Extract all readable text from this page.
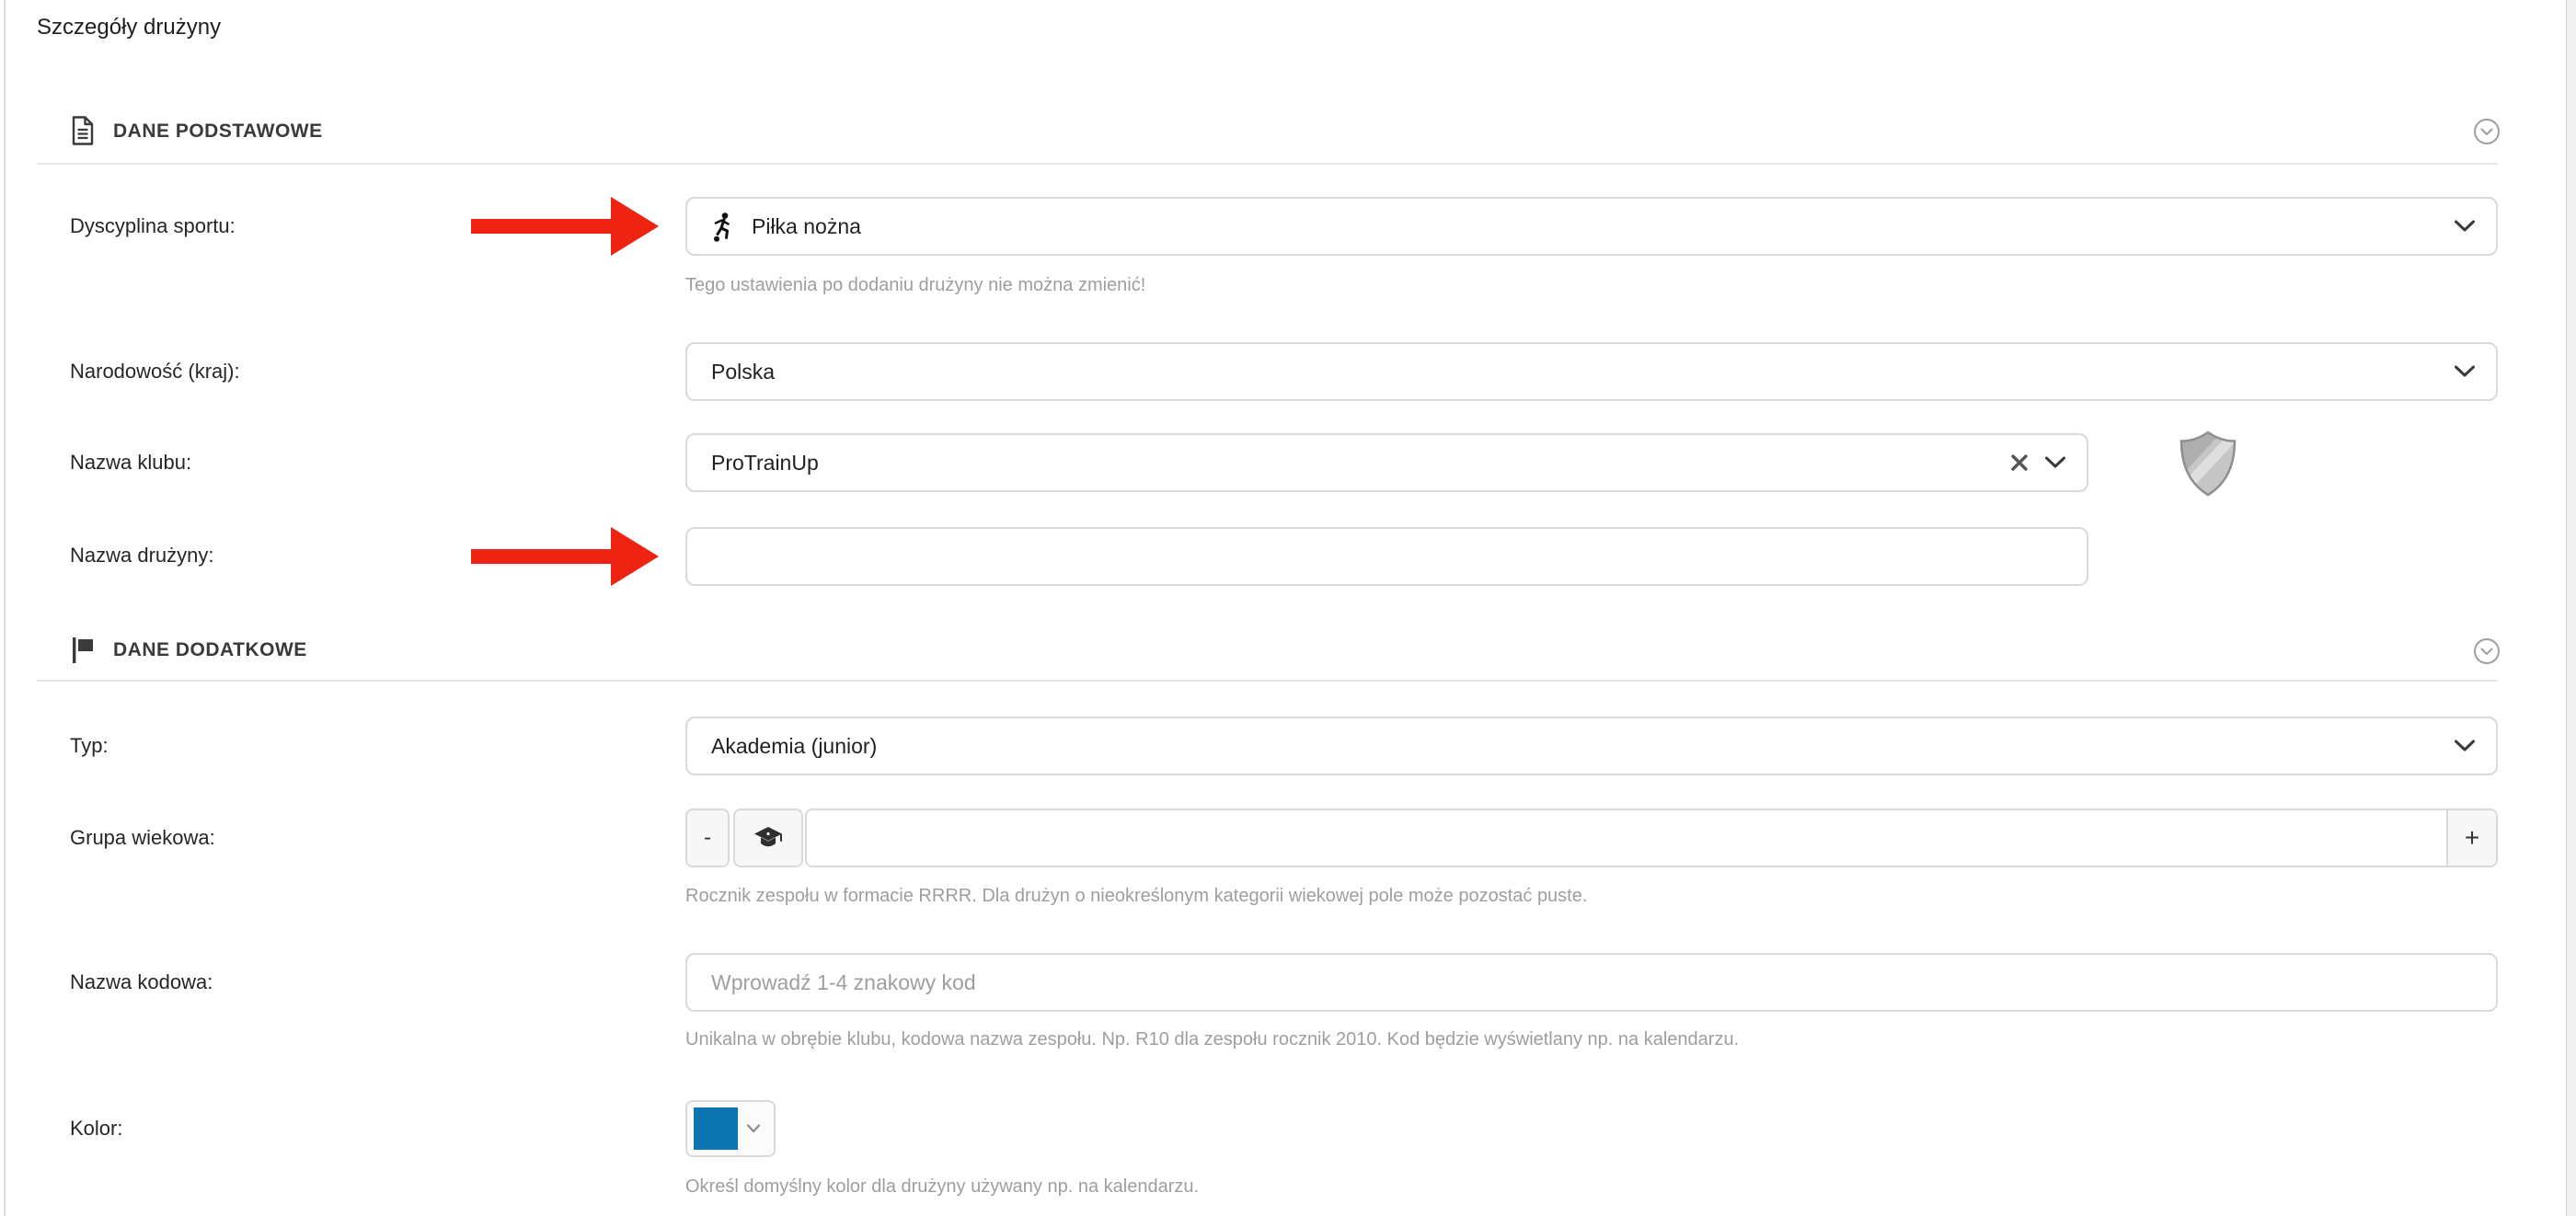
Szczegóły drużyny
DANE PODSTAWOWE
Dyscyplina sportu:	Piłka nożna
Tego ustawienia po dodaniu drużyny nie można zmienić!
Narodowość (kraj):	Polska
Nazwa klubu:	ProTrainUp
Nazwa drużyny:
DANE DODATKOWE
Typ:	Akademia (junior)
Grupa wiekowa:	-	+
Rocznik zespołu w formacie RRRR. Dla drużyn o nieokreślonym kategorii wiekowej pole może pozostać puste.
Nazwa kodowa:
Wprowadź 1-4 znakowy kod
Unikalna w obrębie klubu, kodowa nazwa zespołu. Np. R10 dla zespołu rocznik 2010. Kod będzie wyświetlany np. na kalendarzu.
Kolor:
Określ domyślny kolor dla drużyny używany np. na kalendarzu.
